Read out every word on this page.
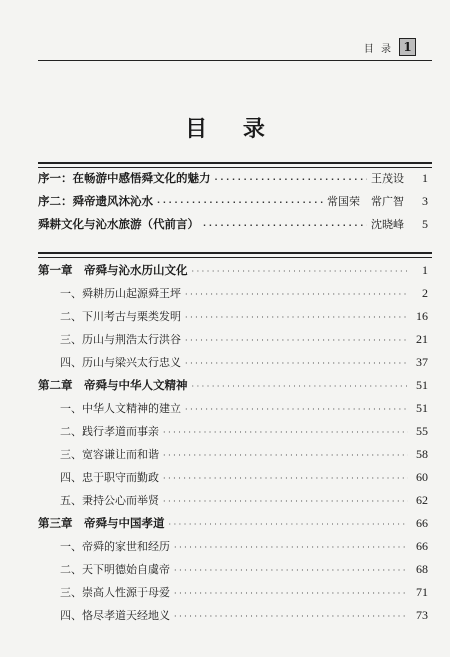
目 录 1
目 录
序一：在畅游中感悟舜文化的魅力 · · ·	王茂设	1
序二：舜帝遗风沐沁水 · · ·	常国荣　常广智	3
舜耕文化与沁水旅游（代前言） · · ·	沈晓峰	5
第一章　帝舜与沁水历山文化 · · ·	1
一、舜耕历山起源舜王坪 · · ·	2
二、下川考古与栗类发明 · · ·	16
三、历山与荆浩太行洪谷 · · ·	21
四、历山与梁兴太行忠义 · · ·	37
第二章　帝舜与中华人文精神 · · ·	51
一、中华人文精神的建立 · · ·	51
二、践行孝道而事亲 · · ·	55
三、宽容谦让而和谐 · · ·	58
四、忠于职守而勤政 · · ·	60
五、秉持公心而举贤 · · ·	62
第三章　帝舜与中国孝道 · · ·	66
一、帝舜的家世和经历 · · ·	66
二、天下明德始自虞帝 · · ·	68
三、崇高人性源于母爱 · · ·	71
四、恪尽孝道天经地义 · · ·	73
